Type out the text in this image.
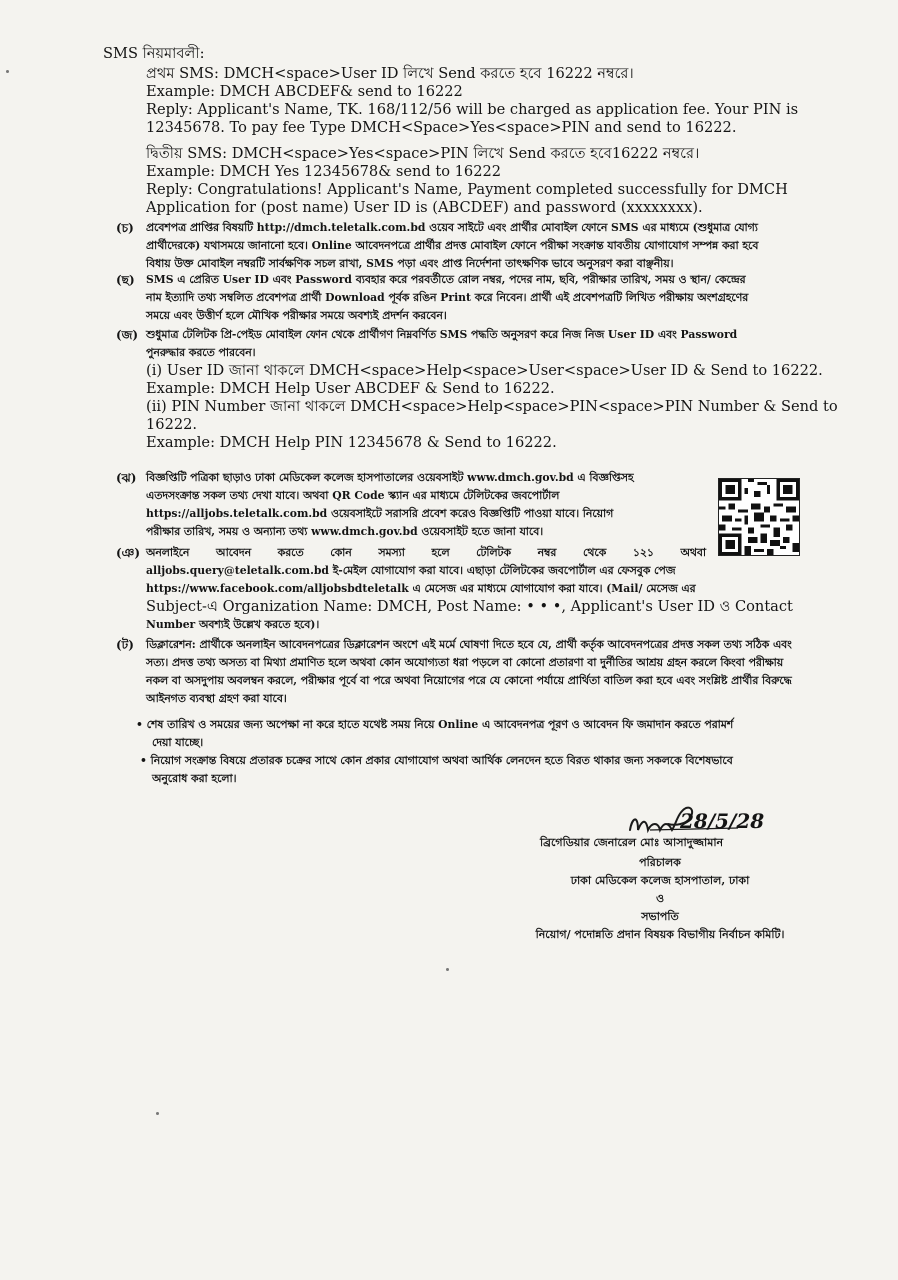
SMS নিয়মাবলী:
প্রথম SMS: DMCH<space>User ID লিখে Send করতে হবে 16222 নম্বরে।
Example: DMCH ABCDEF& send to 16222
Reply: Applicant's Name, TK. 168/112/56 will be charged as application fee. Your PIN is
12345678. To pay fee Type DMCH<Space>Yes<space>PIN and send to 16222.
দ্বিতীয় SMS: DMCH<space>Yes<space>PIN লিখে Send করতে হবে16222 নম্বরে।
Example: DMCH Yes 12345678& send to 16222
Reply: Congratulations! Applicant's Name, Payment completed successfully for DMCH
Application for (post name) User ID is (ABCDEF) and password (xxxxxxxx).
(চ) প্রবেশপত্র প্রাপ্তির বিষয়টি http://dmch.teletalk.com.bd ওয়েব সাইটে এবং প্রার্থীর মোবাইল ফোনে SMS এর মাধ্যমে (শুধুমাত্র যোগ্য
প্রার্থীদেরকে) যথাসময়ে জানানো হবে। Online আবেদনপত্রে প্রার্থীর প্রদত্ত মোবাইল ফোনে পরীক্ষা সংক্রান্ত যাবতীয় যোগাযোগ সম্পন্ন করা হবে
বিধায় উক্ত মোবাইল নম্বরটি সার্বক্ষণিক সচল রাখা, SMS পড়া এবং প্রাপ্ত নির্দেশনা তাৎক্ষণিক ভাবে অনুসরণ করা বাঞ্ছনীয়।
(ছ) SMS এ প্রেরিত User ID এবং Password ব্যবহার করে পরবর্তীতে রোল নম্বর, পদের নাম, ছবি, পরীক্ষার তারিখ, সময় ও স্থান/ কেন্দ্রের
নাম ইত্যাদি তথ্য সম্বলিত প্রবেশপত্র প্রার্থী Download পূর্বক রঙিন Print করে নিবেন। প্রার্থী এই প্রবেশপত্রটি লিখিত পরীক্ষায় অংশগ্রহণের
সময়ে এবং উত্তীর্ণ হলে মৌখিক পরীক্ষার সময়ে অবশ্যই প্রদর্শন করবেন।
(জ) শুধুমাত্র টেলিটক প্রি-পেইড মোবাইল ফোন থেকে প্রার্থীগণ নিম্নবর্ণিত SMS পদ্ধতি অনুসরণ করে নিজ নিজ User ID এবং Password
পুনরুদ্ধার করতে পারবেন।
(i) User ID জানা থাকলে DMCH<space>Help<space>User<space>User ID & Send to 16222.
Example: DMCH Help User ABCDEF & Send to 16222.
(ii) PIN Number জানা থাকলে DMCH<space>Help<space>PIN<space>PIN Number & Send to
16222.
Example: DMCH Help PIN 12345678 & Send to 16222.
(ঝ) বিজ্ঞপ্তিটি পত্রিকা ছাড়াও ঢাকা মেডিকেল কলেজ হাসপাতালের ওয়েবসাইট www.dmch.gov.bd এ বিজ্ঞপ্তিসহ
এতদসংক্রান্ত সকল তথ্য দেখা যাবে। অথবা QR Code স্ক্যান এর মাধ্যমে টেলিটকের জবপোর্টাল
https://alljobs.teletalk.com.bd ওয়েবসাইটে সরাসরি প্রবেশ করেও বিজ্ঞপ্তিটি পাওয়া যাবে। নিয়োগ
পরীক্ষার তারিখ, সময় ও অন্যান্য তথ্য www.dmch.gov.bd ওয়েবসাইট হতে জানা যাবে।
(ঞ) অনলাইনে আবেদন করতে কোন সমস্যা হলে টেলিটক নম্বর থেকে ১২১ অথবা
alljobs.query@teletalk.com.bd ই-মেইল যোগাযোগ করা যাবে। এছাড়া টেলিটকের জবপোর্টাল এর ফেসবুক পেজ
https://www.facebook.com/alljobsbdteletalk এ মেসেজ এর মাধ্যমে যোগাযোগ করা যাবে। (Mail/ মেসেজ এর
Subject-এ Organization Name: DMCH, Post Name: • • •, Applicant's User ID ও Contact
Number অবশ্যই উল্লেখ করতে হবে)।
(ট) ডিক্লারেশন: প্রার্থীকে অনলাইন আবেদনপত্রের ডিক্লারেশন অংশে এই মর্মে ঘোষণা দিতে হবে যে, প্রার্থী কর্তৃক আবেদনপত্রের প্রদত্ত সকল তথ্য সঠিক এবং
সত্য। প্রদত্ত তথ্য অসত্য বা মিথ্যা প্রমাণিত হলে অথবা কোন অযোগ্যতা ধরা পড়লে বা কোনো প্রতারণা বা দুর্নীতির আশ্রয় গ্রহন করলে কিংবা পরীক্ষায়
নকল বা অসদুপায় অবলম্বন করলে, পরীক্ষার পূর্বে বা পরে অথবা নিয়োগের পরে যে কোনো পর্যায়ে প্রার্থিতা বাতিল করা হবে এবং সংশ্লিষ্ট প্রার্থীর বিরুদ্ধে
আইনগত ব্যবস্থা গ্রহণ করা যাবে।
• শেষ তারিখ ও সময়ের জন্য অপেক্ষা না করে হাতে যথেষ্ট সময় নিয়ে Online এ আবেদনপত্র পূরণ ও আবেদন ফি জমাদান করতে পরামর্শ
দেয়া যাচ্ছে।
• নিয়োগ সংক্রান্ত বিষয়ে প্রতারক চক্রের সাথে কোন প্রকার যোগাযোগ অথবা আর্থিক লেনদেন হতে বিরত থাকার জন্য সকলকে বিশেষভাবে
অনুরোধ করা হলো।
28/5/28
ব্রিগেডিয়ার জেনারেল মোঃ আসাদুজ্জামান
পরিচালক
ঢাকা মেডিকেল কলেজ হাসপাতাল, ঢাকা
ও
সভাপতি
নিয়োগ/ পদোন্নতি প্রদান বিষয়ক বিভাগীয় নির্বাচন কমিটি।
